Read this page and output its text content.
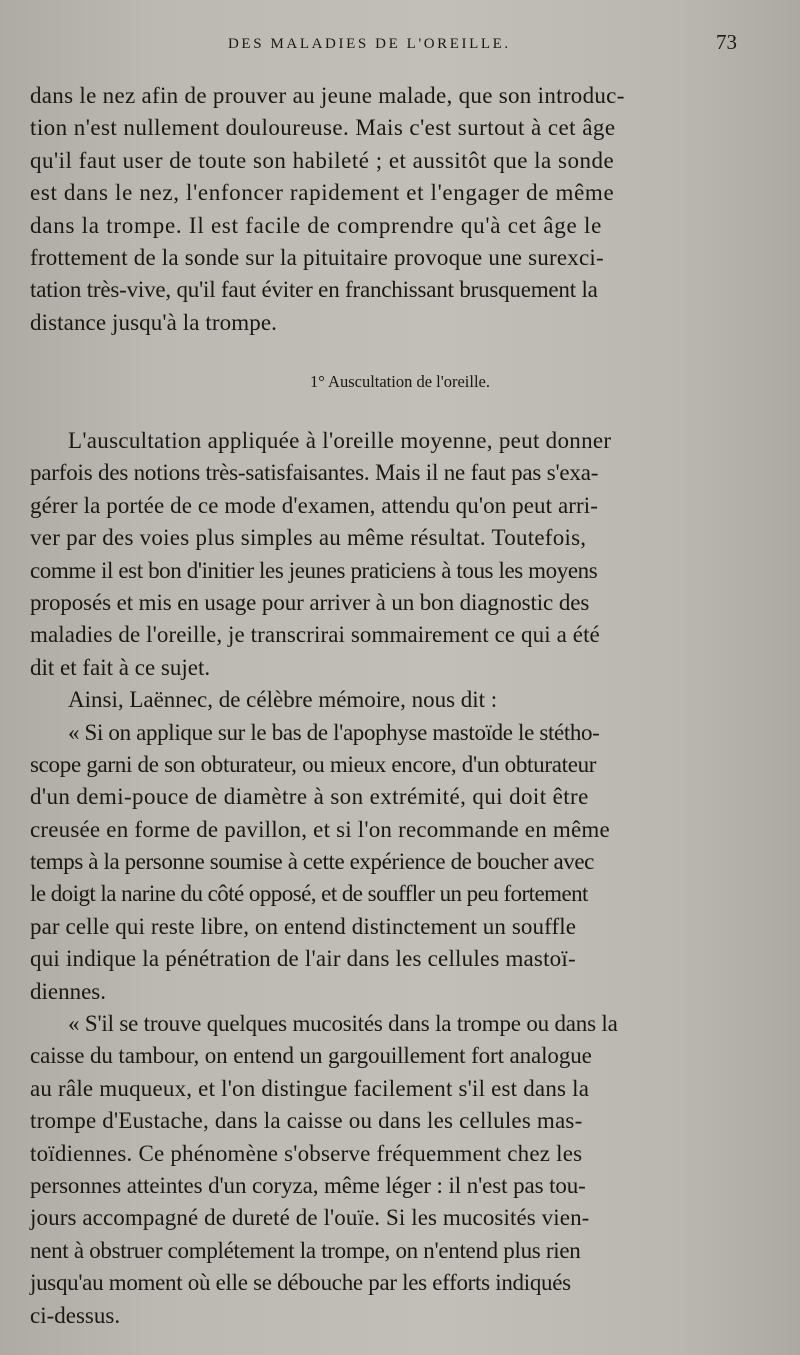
DES MALADIES DE L'OREILLE.	73
dans le nez afin de prouver au jeune malade, que son introduc-
tion n'est nullement douloureuse. Mais c'est surtout à cet âge
qu'il faut user de toute son habileté ; et aussitôt que la sonde
est dans le nez, l'enfoncer rapidement et l'engager de même
dans la trompe. Il est facile de comprendre qu'à cet âge le
frottement de la sonde sur la pituitaire provoque une surexci-
tation très-vive, qu'il faut éviter en franchissant brusquement la
distance jusqu'à la trompe.
1° Auscultation de l'oreille.
L'auscultation appliquée à l'oreille moyenne, peut donner
parfois des notions très-satisfaisantes. Mais il ne faut pas s'exa-
gérer la portée de ce mode d'examen, attendu qu'on peut arri-
ver par des voies plus simples au même résultat. Toutefois,
comme il est bon d'initier les jeunes praticiens à tous les moyens
proposés et mis en usage pour arriver à un bon diagnostic des
maladies de l'oreille, je transcrirai sommairement ce qui a été
dit et fait à ce sujet.
Ainsi, Laënnec, de célèbre mémoire, nous dit :
« Si on applique sur le bas de l'apophyse mastoïde le stétho-
scope garni de son obturateur, ou mieux encore, d'un obturateur
d'un demi-pouce de diamètre à son extrémité, qui doit être
creusée en forme de pavillon, et si l'on recommande en même
temps à la personne soumise à cette expérience de boucher avec
le doigt la narine du côté opposé, et de souffler un peu fortement
par celle qui reste libre, on entend distinctement un souffle
qui indique la pénétration de l'air dans les cellules mastoï-
diennes.
« S'il se trouve quelques mucosités dans la trompe ou dans la
caisse du tambour, on entend un gargouillement fort analogue
au râle muqueux, et l'on distingue facilement s'il est dans la
trompe d'Eustache, dans la caisse ou dans les cellules mas-
toïdiennes. Ce phénomène s'observe fréquemment chez les
personnes atteintes d'un coryza, même léger : il n'est pas tou-
jours accompagné de dureté de l'ouïe. Si les mucosités vien-
nent à obstruer complétement la trompe, on n'entend plus rien
jusqu'au moment où elle se débouche par les efforts indiqués
ci-dessus.
